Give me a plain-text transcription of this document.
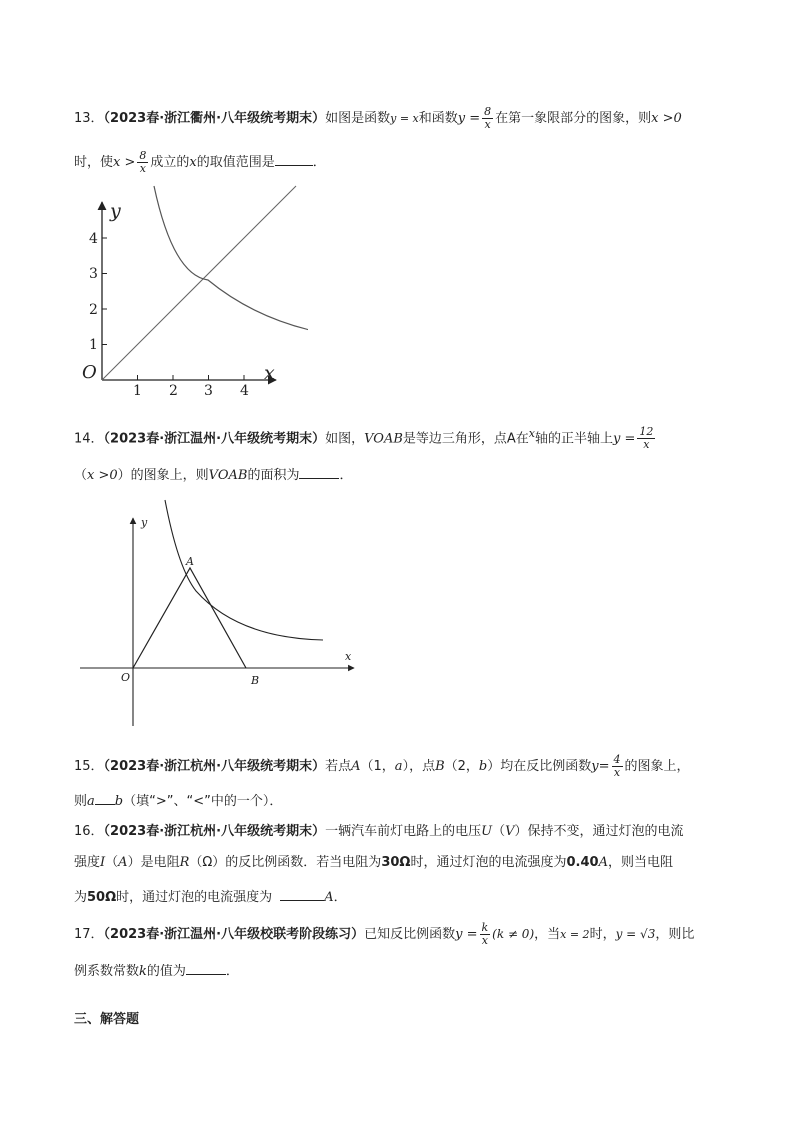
13．（2023春·浙江衢州·八年级统考期末）如图是函数y = x和函数$y = \frac{8}{x}$ 在第一象限部分的图象，则x >0
时，使$x > \frac{8}{x}$ 成立的x的取值范围是	．
y
x
O
1 2 3 4
1
2
3
4
14．（2023春·浙江温州·八年级统考期末）如图，VOAB是等边三角形，点A在$^x$轴的正半轴上$y = \frac{12}{x}$
（x >0）的图象上，则VOAB的面积为	．
y
x
O
A
B
15．（2023春·浙江杭州·八年级统考期末）若点A（1，a），点B（2，b）均在反比例函数$y= \frac{4}{x}$ 的图象上，
则a b（填“>”、“<”中的一个）．
16．（2023春·浙江杭州·八年级统考期末）一辆汽车前灯电路上的电压U（V）保持不变，通过灯泡的电流
强度I（A）是电阻R（Ω）的反比例函数．若当电阻为30Ω时，通过灯泡的电流强度为0.40A，则当电阻
为50Ω时，通过灯泡的电流强度为	A．
17．（2023春·浙江温州·八年级校联考阶段练习）已知反比例函数$y = \frac{k}{x} (k \ne 0)$，当x = 2时，y = √3，则比
例系数常数k的值为	．
三、解答题
